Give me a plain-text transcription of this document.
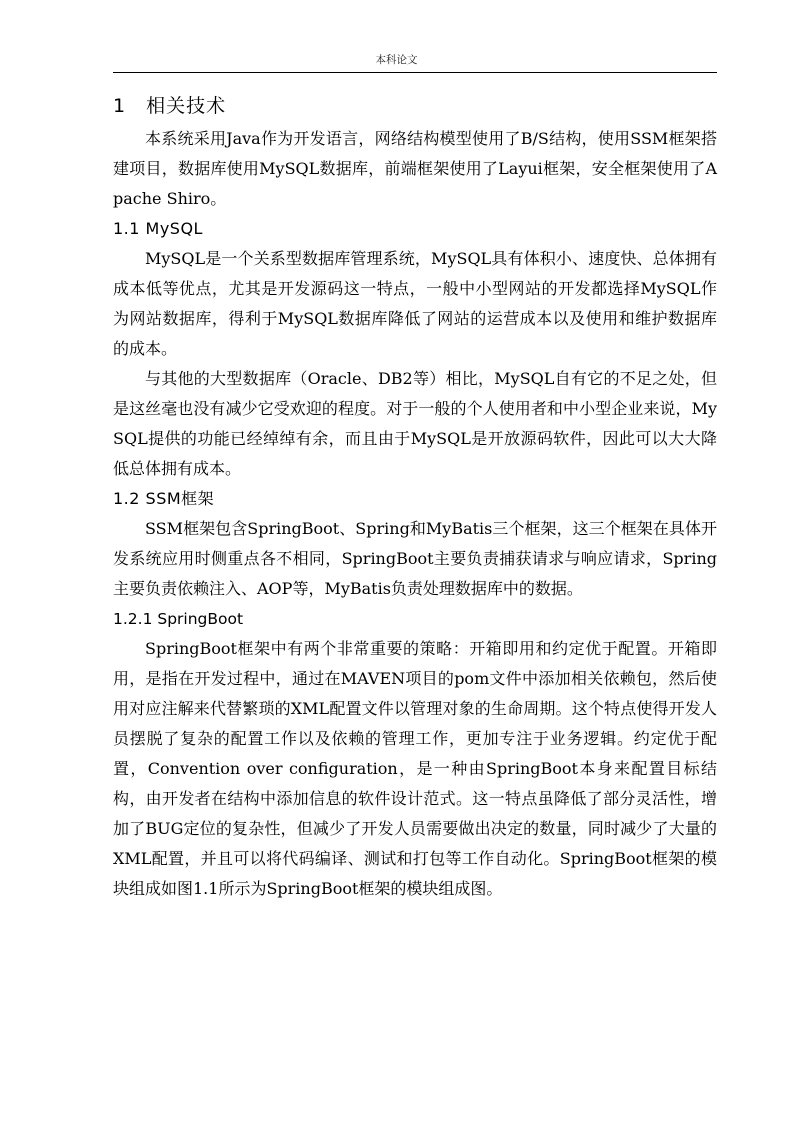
本科论文
1　相关技术

本系统采用Java作为开发语言，网络结构模型使用了B/S结构，使用SSM框架搭建项目，数据库使用MySQL数据库，前端框架使用了Layui框架，安全框架使用了Apache Shiro。

1.1 MySQL

MySQL是一个关系型数据库管理系统，MySQL具有体积小、速度快、总体拥有成本低等优点，尤其是开发源码这一特点，一般中小型网站的开发都选择MySQL作为网站数据库，得利于MySQL数据库降低了网站的运营成本以及使用和维护数据库的成本。

与其他的大型数据库（Oracle、DB2等）相比，MySQL自有它的不足之处，但是这丝毫也没有减少它受欢迎的程度。对于一般的个人使用者和中小型企业来说，MySQL提供的功能已经绰绰有余，而且由于MySQL是开放源码软件，因此可以大大降低总体拥有成本。

1.2 SSM框架

SSM框架包含SpringBoot、Spring和MyBatis三个框架，这三个框架在具体开发系统应用时侧重点各不相同，SpringBoot主要负责捕获请求与响应请求，Spring主要负责依赖注入、AOP等，MyBatis负责处理数据库中的数据。

1.2.1 SpringBoot

SpringBoot框架中有两个非常重要的策略：开箱即用和约定优于配置。开箱即用，是指在开发过程中，通过在MAVEN项目的pom文件中添加相关依赖包，然后使用对应注解来代替繁琐的XML配置文件以管理对象的生命周期。这个特点使得开发人员摆脱了复杂的配置工作以及依赖的管理工作，更加专注于业务逻辑。约定优于配置，Convention over configuration，是一种由SpringBoot本身来配置目标结构，由开发者在结构中添加信息的软件设计范式。这一特点虽降低了部分灵活性，增加了BUG定位的复杂性，但减少了开发人员需要做出决定的数量，同时减少了大量的XML配置，并且可以将代码编译、测试和打包等工作自动化。SpringBoot框架的模块组成如图1.1所示为SpringBoot框架的模块组成图。
